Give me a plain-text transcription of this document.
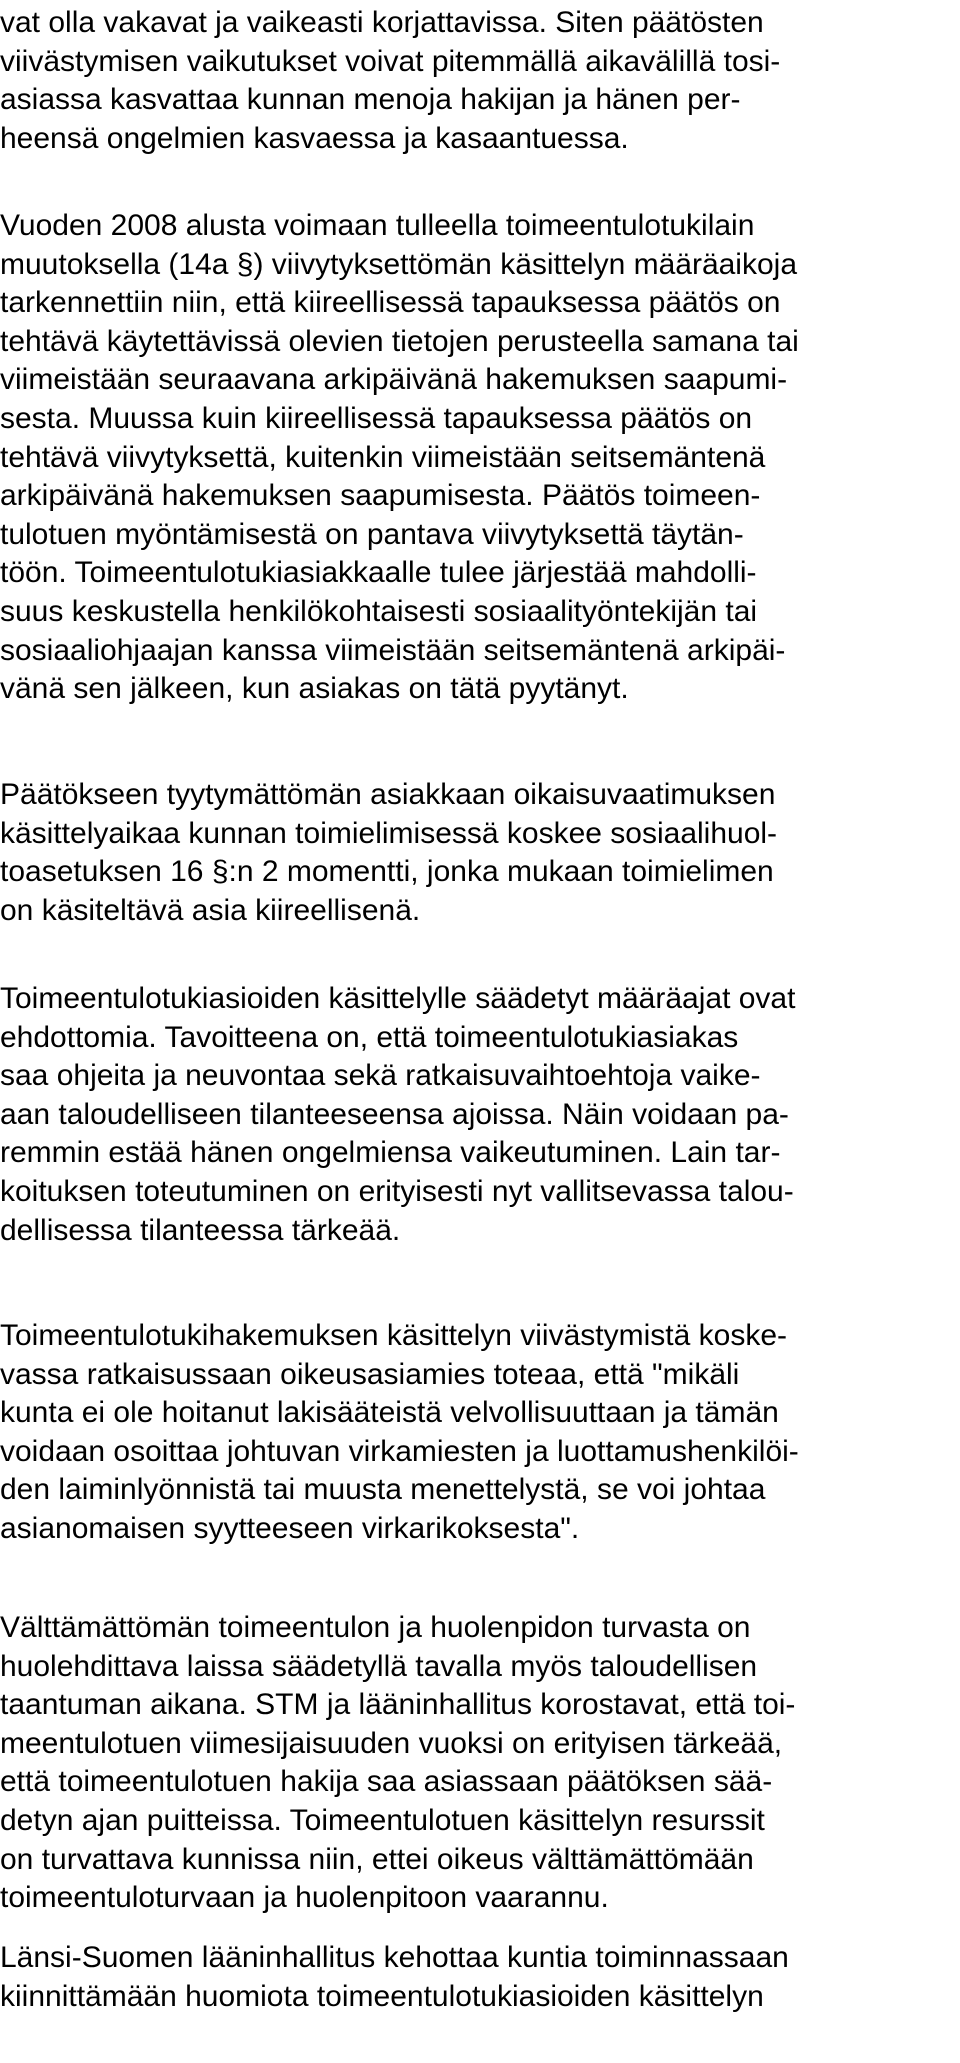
vat olla vakavat ja vaikeasti korjattavissa. Siten päätösten
viivästymisen vaikutukset voivat pitemmällä aikavälillä tosi-
asiassa kasvattaa kunnan menoja hakijan ja hänen per-
heensä ongelmien kasvaessa ja kasaantuessa.

Vuoden 2008 alusta voimaan tulleella toimeentulotukilain
muutoksella (14a §) viivytyksettömän käsittelyn määräaikoja
tarkennettiin niin, että kiireellisessä tapauksessa päätös on
tehtävä käytettävissä olevien tietojen perusteella samana tai
viimeistään seuraavana arkipäivänä hakemuksen saapumi-
sesta. Muussa kuin kiireellisessä tapauksessa päätös on
tehtävä viivytyksettä, kuitenkin viimeistään seitsemäntenä
arkipäivänä hakemuksen saapumisesta. Päätös toimeen-
tulotuen myöntämisestä on pantava viivytyksettä täytän-
töön. Toimeentulotukiasiakkaalle tulee järjestää mahdolli-
suus keskustella henkilökohtaisesti sosiaalityöntekijän tai
sosiaaliohjaajan kanssa viimeistään seitsemäntenä arkipäi-
vänä sen jälkeen, kun asiakas on tätä pyytänyt.

Päätökseen tyytymättömän asiakkaan oikaisuvaatimuksen
käsittelyaikaa kunnan toimielimisessä koskee sosiaalihuol-
toasetuksen 16 §:n 2 momentti, jonka mukaan toimielimen
on käsiteltävä asia kiireellisenä.

Toimeentulotukiasioiden käsittelylle säädetyt määräajat ovat
ehdottomia. Tavoitteena on, että toimeentulotukiasiakas
saa ohjeita ja neuvontaa sekä ratkaisuvaihtoehtoja vaike-
aan taloudelliseen tilanteeseensa ajoissa. Näin voidaan pa-
remmin estää hänen ongelmiensa vaikeutuminen. Lain tar-
koituksen toteutuminen on erityisesti nyt vallitsevassa talou-
dellisessa tilanteessa tärkeää.

Toimeentulotukihakemuksen käsittelyn viivästymistä koske-
vassa ratkaisussaan oikeusasiamies toteaa, että "mikäli
kunta ei ole hoitanut lakisääteistä velvollisuuttaan ja tämän
voidaan osoittaa johtuvan virkamiesten ja luottamushenkilöi-
den laiminlyönnistä tai muusta menettelystä, se voi johtaa
asianomaisen syytteeseen virkarikoksesta".

Välttämättömän toimeentulon ja huolenpidon turvasta on
huolehdittava laissa säädetyllä tavalla myös taloudellisen
taantuman aikana. STM ja lääninhallitus korostavat, että toi-
meentulotuen viimesijaisuuden vuoksi on erityisen tärkeää,
että toimeentulotuen hakija saa asiassaan päätöksen sää-
detyn ajan puitteissa. Toimeentulotuen käsittelyn resurssit
on turvattava kunnissa niin, ettei oikeus välttämättömään
toimeentuloturvaan ja huolenpitoon vaarannu.

Länsi-Suomen lääninhallitus kehottaa kuntia toiminnassaan
kiinnittämään huomiota toimeentulotukiasioiden käsittelyn
